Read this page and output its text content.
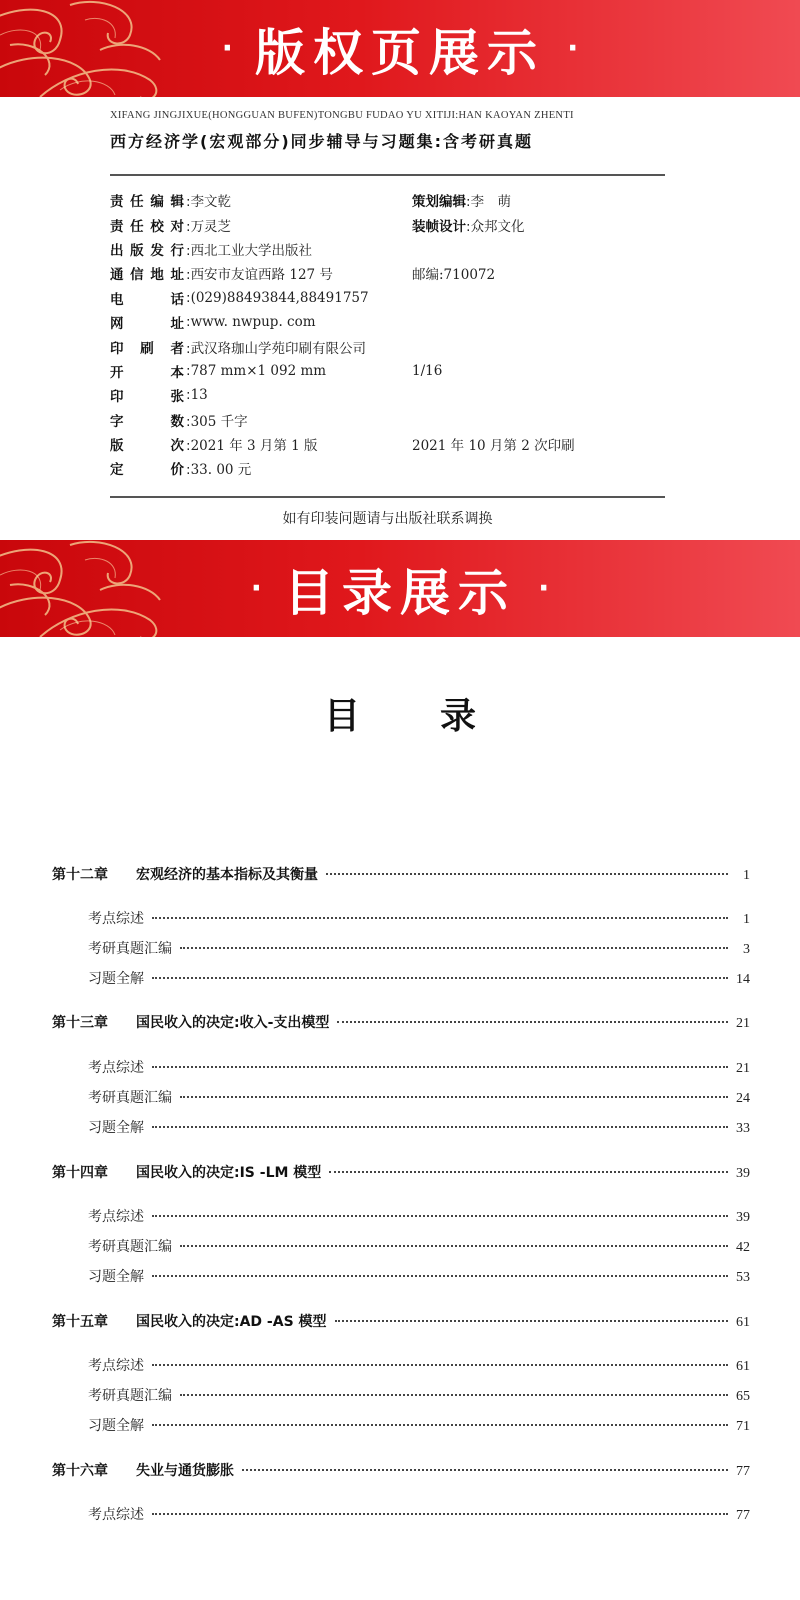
· 版权页展示 ·
XIFANG JINGJIXUE(HONGGUAN BUFEN)TONGBU FUDAO YU XITIJI:HAN KAOYAN ZHENTI
西方经济学(宏观部分)同步辅导与习题集:含考研真题
责 任 编 辑 : 李文乾	策划编辑 : 李　萌
责 任 校 对 : 万灵芝	装帧设计 : 众邦文化
出 版 发 行 : 西北工业大学出版社
通 信 地 址 : 西安市友谊西路 127 号	邮编:710072
电	话 : (029)88493844,88491757
网	址 : www. nwpup. com
印 刷 者 : 武汉珞珈山学苑印刷有限公司
开	本 : 787 mm×1 092 mm	1/16
印	张 : 13
字	数 : 305 千字
版	次 : 2021 年 3 月第 1 版	2021 年 10 月第 2 次印刷
定	价 : 33. 00 元
如有印装问题请与出版社联系调换
· 目录展示 ·
目 录
第十二章	宏观经济的基本指标及其衡量	1
考点综述	1
考研真题汇编	3
习题全解	14
第十三章	国民收入的决定:收入-支出模型	21
考点综述	21
考研真题汇编	24
习题全解	33
第十四章	国民收入的决定:IS -LM 模型	39
考点综述	39
考研真题汇编	42
习题全解	53
第十五章	国民收入的决定:AD -AS 模型	61
考点综述	61
考研真题汇编	65
习题全解	71
第十六章	失业与通货膨胀	77
考点综述	77
